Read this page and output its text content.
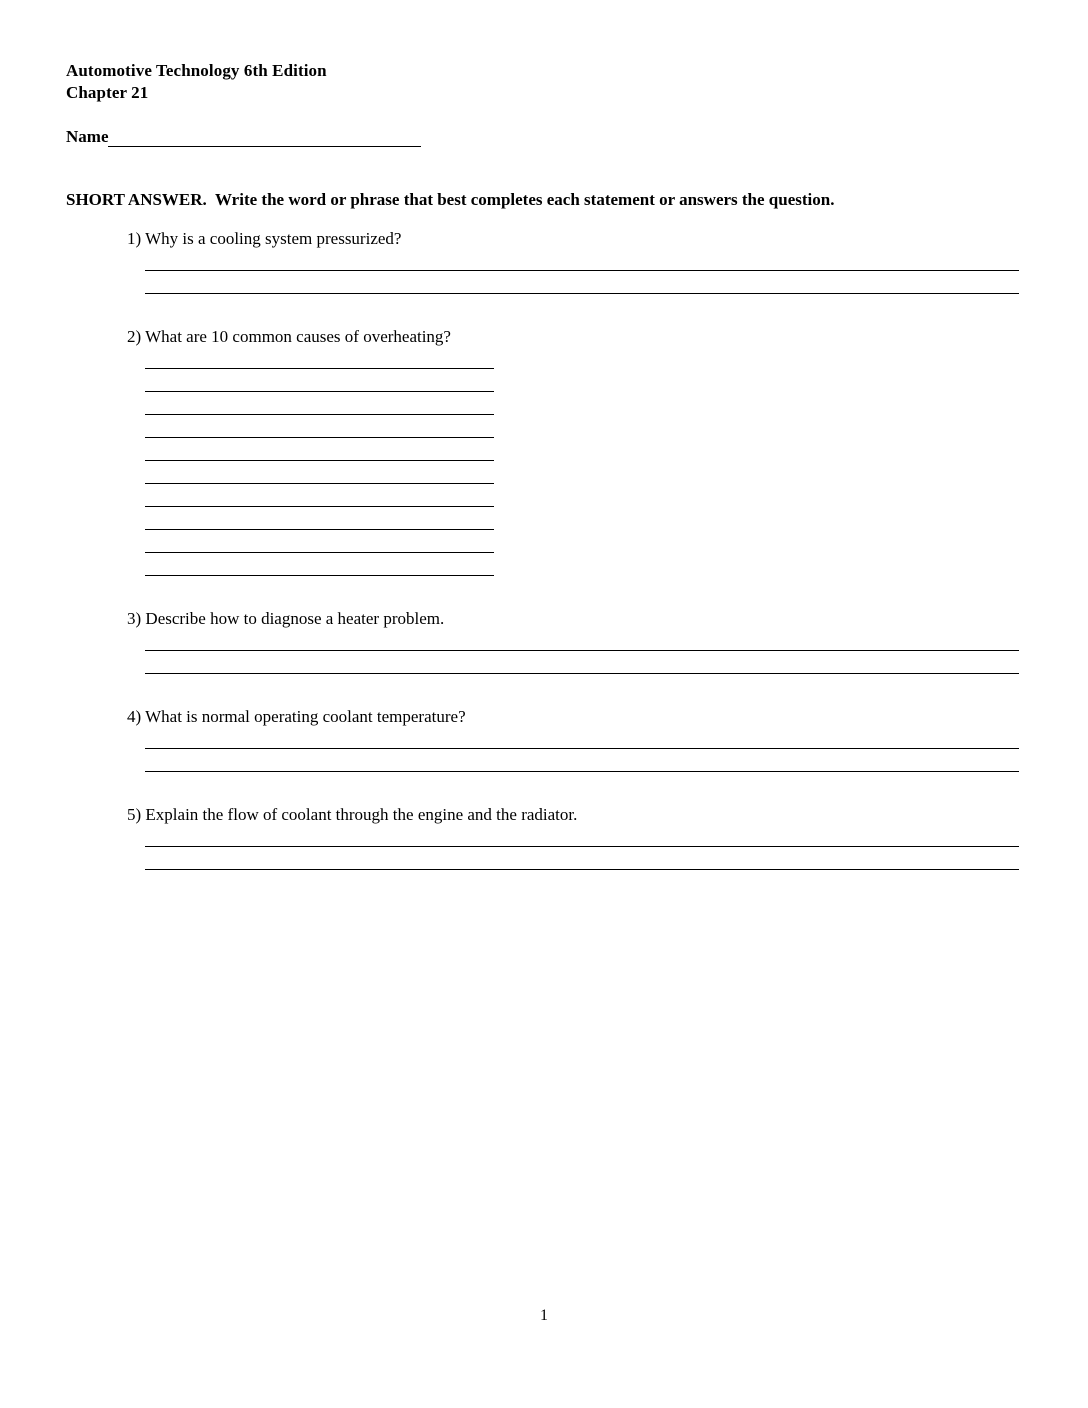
Automotive Technology 6th Edition
Chapter 21
Name
SHORT ANSWER.  Write the word or phrase that best completes each statement or answers the question.
1) Why is a cooling system pressurized?
2) What are 10 common causes of overheating?
3) Describe how to diagnose a heater problem.
4) What is normal operating coolant temperature?
5) Explain the flow of coolant through the engine and the radiator.
1
